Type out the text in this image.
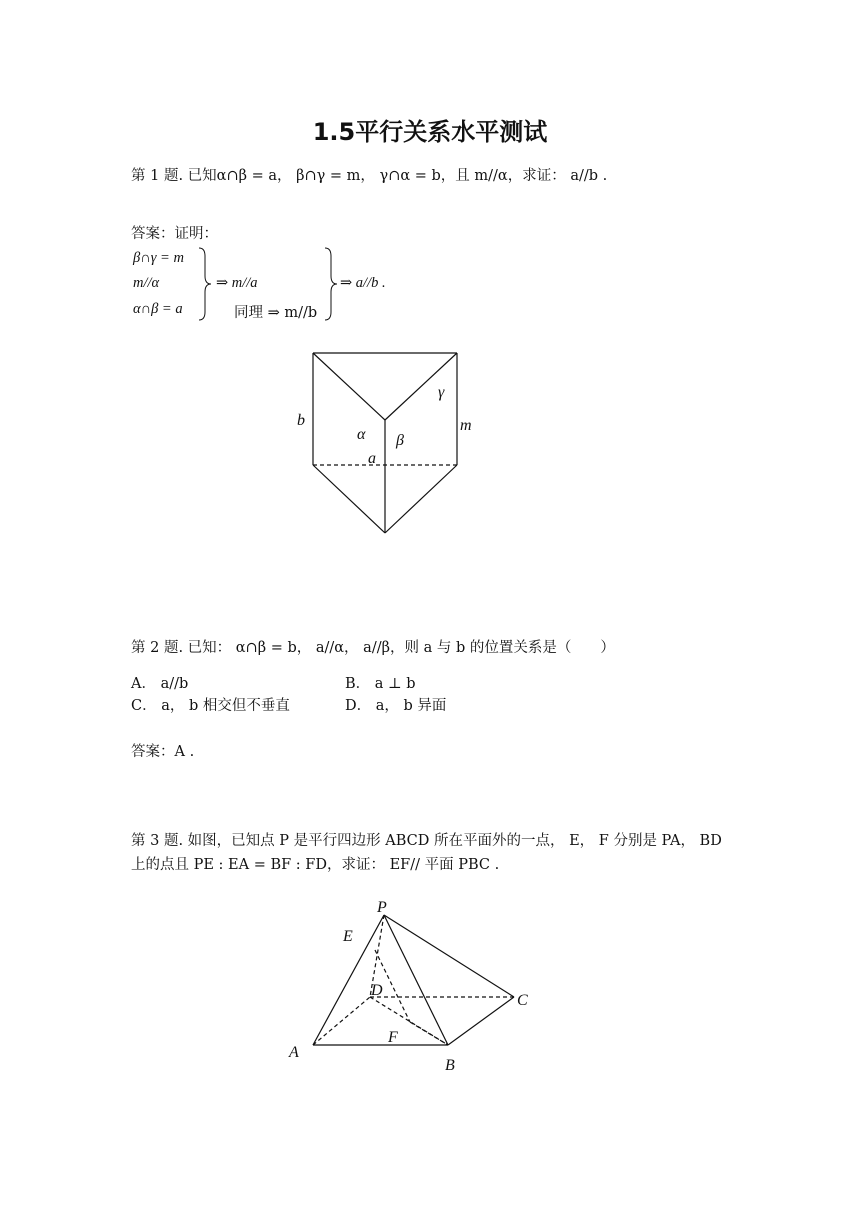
1.5平行关系水平测试
第 1 题. 已知α∩β = a， β∩γ = m， γ∩α = b，且 m//α，求证： a//b .
答案：证明：
β∩γ = m
m//α
α∩β = a
⇒ m//a
同理 ⇒ m//b
⇒ a//b .
b
γ
m
α β
a
第 2 题. 已知： α∩β = b， a//α， a//β，则 a 与 b 的位置关系是（　　）
A． a//b	B． a ⊥ b
C． a， b 相交但不垂直	D． a， b 异面
答案：A .
第 3 题. 如图，已知点 P 是平行四边形 ABCD 所在平面外的一点， E， F 分别是 PA， BD
上的点且 PE : EA = BF : FD，求证： EF// 平面 PBC .
P
E
D
C
A
F
B
